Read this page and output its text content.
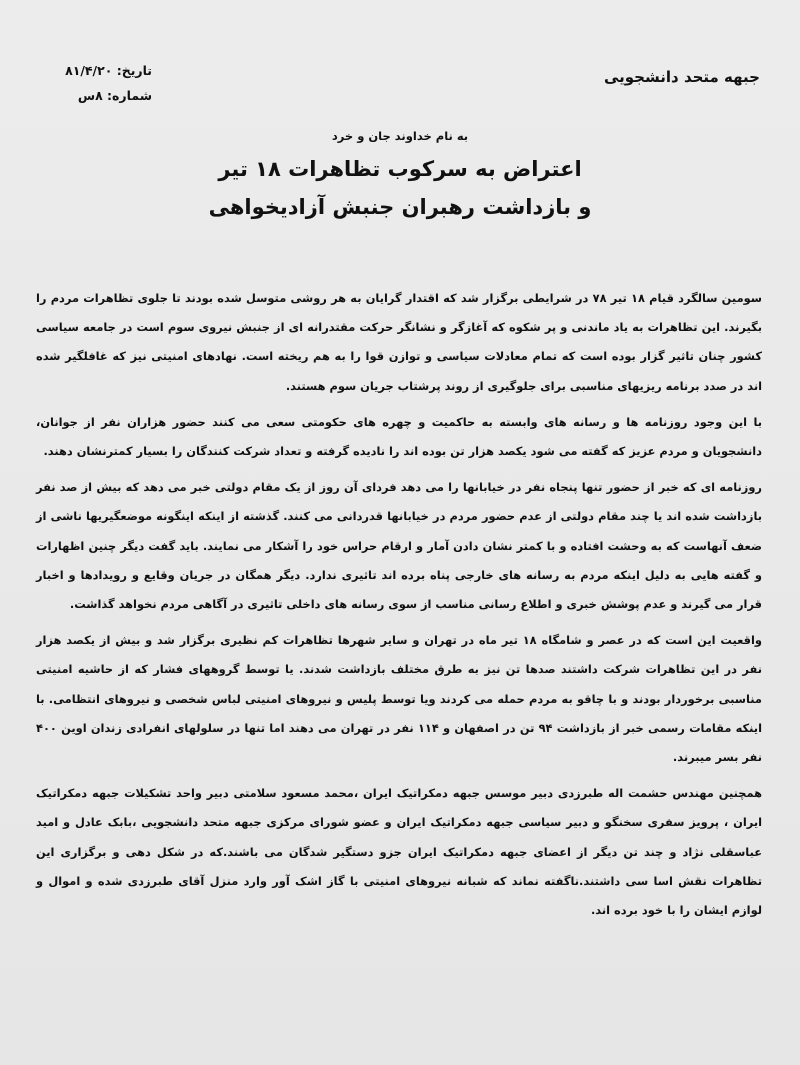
جبهه متحد دانشجویی
تاریخ: ۸۱/۴/۲۰
شماره: ۸س
به نام خداوند جان و خرد
اعتراض به سرکوب تظاهرات ۱۸ تیر
و بازداشت رهبران جنبش آزادیخواهی

سومین سالگرد قیام ۱۸ تیر ۷۸ در شرایطی برگزار شد که اقتدار گرایان به هر روشی متوسل شده بودند تا جلوی تظاهرات مردم را بگیرند. این تظاهرات به یاد ماندنی و پر شکوه که آغازگر و نشانگر حرکت مقتدرانه ای از جنبش نیروی سوم است در جامعه سیاسی کشور چنان تاثیر گزار بوده است که تمام معادلات سیاسی و توازن قوا را به هم ریخته است. نهادهای امنیتی نیز که غافلگیر شده اند در صدد برنامه ریزیهای مناسبی برای جلوگیری از روند پرشتاب جریان سوم هستند.

با این وجود روزنامه ها و رسانه های وابسته به حاکمیت و چهره های حکومتی سعی می کنند حضور هزاران نفر از جوانان، دانشجویان و مردم عزیز که گفته می شود یکصد هزار تن بوده اند را نادیده گرفته و تعداد شرکت کنندگان را بسیار کمترنشان دهند.

روزنامه ای که خبر از حضور تنها پنجاه نفر در خیابانها را می دهد فردای آن روز از یک مقام دولتی خبر می دهد که بیش از صد نفر بازداشت شده اند یا چند مقام دولتی از عدم حضور مردم در خیابانها قدردانی می کنند. گذشته از اینکه اینگونه موضعگیریها ناشی از ضعف آنهاست که به وحشت افتاده و با کمتر نشان دادن آمار و ارقام حراس خود را آشکار می نمایند. باید گفت دیگر چنین اظهارات و گفته هایی به دلیل اینکه مردم به رسانه های خارجی پناه برده اند تاثیری ندارد. دیگر همگان در جریان وقایع و رویدادها و اخبار قرار می گیرند و عدم پوشش خبری و اطلاع رسانی مناسب از سوی رسانه های داخلی تاثیری در آگاهی مردم نخواهد گذاشت.

واقعیت این است که در عصر و شامگاه ۱۸ تیر ماه در تهران و سایر شهرها تظاهرات کم نظیری برگزار شد و بیش از یکصد هزار نفر در این تظاهرات شرکت داشتند صدها تن نیز به طرق مختلف بازداشت شدند. یا توسط گروههای فشار که از حاشیه امنیتی مناسبی برخوردار بودند و با چاقو به مردم حمله می کردند ویا توسط پلیس و نیروهای امنیتی لباس شخصی و نیروهای انتظامی. با اینکه مقامات رسمی خبر از بازداشت ۹۴ تن در اصفهان و ۱۱۴ نفر در تهران می دهند اما تنها در سلولهای انفرادی زندان اوین ۴۰۰ نفر بسر میبرند.

همچنین مهندس حشمت اله طبرزدی دبیر موسس جبهه دمکراتیک ایران ،محمد مسعود سلامتی دبیر واحد تشکیلات جبهه دمکراتیک ایران ، پرویز سفری سخنگو و دبیر سیاسی جبهه دمکراتیک ایران و عضو شورای مرکزی جبهه متحد دانشجویی ،بابک عادل و امید عباسقلی نژاد و چند تن دیگر از اعضای جبهه دمکراتیک ایران جزو دستگیر شدگان می باشند.که در شکل دهی و برگزاری این تظاهرات نقش اسا سی داشتند.ناگفته نماند که شبانه نیروهای امنیتی با گاز اشک آور وارد منزل آقای طبرزدی شده و اموال و لوازم ایشان را با خود برده اند.
